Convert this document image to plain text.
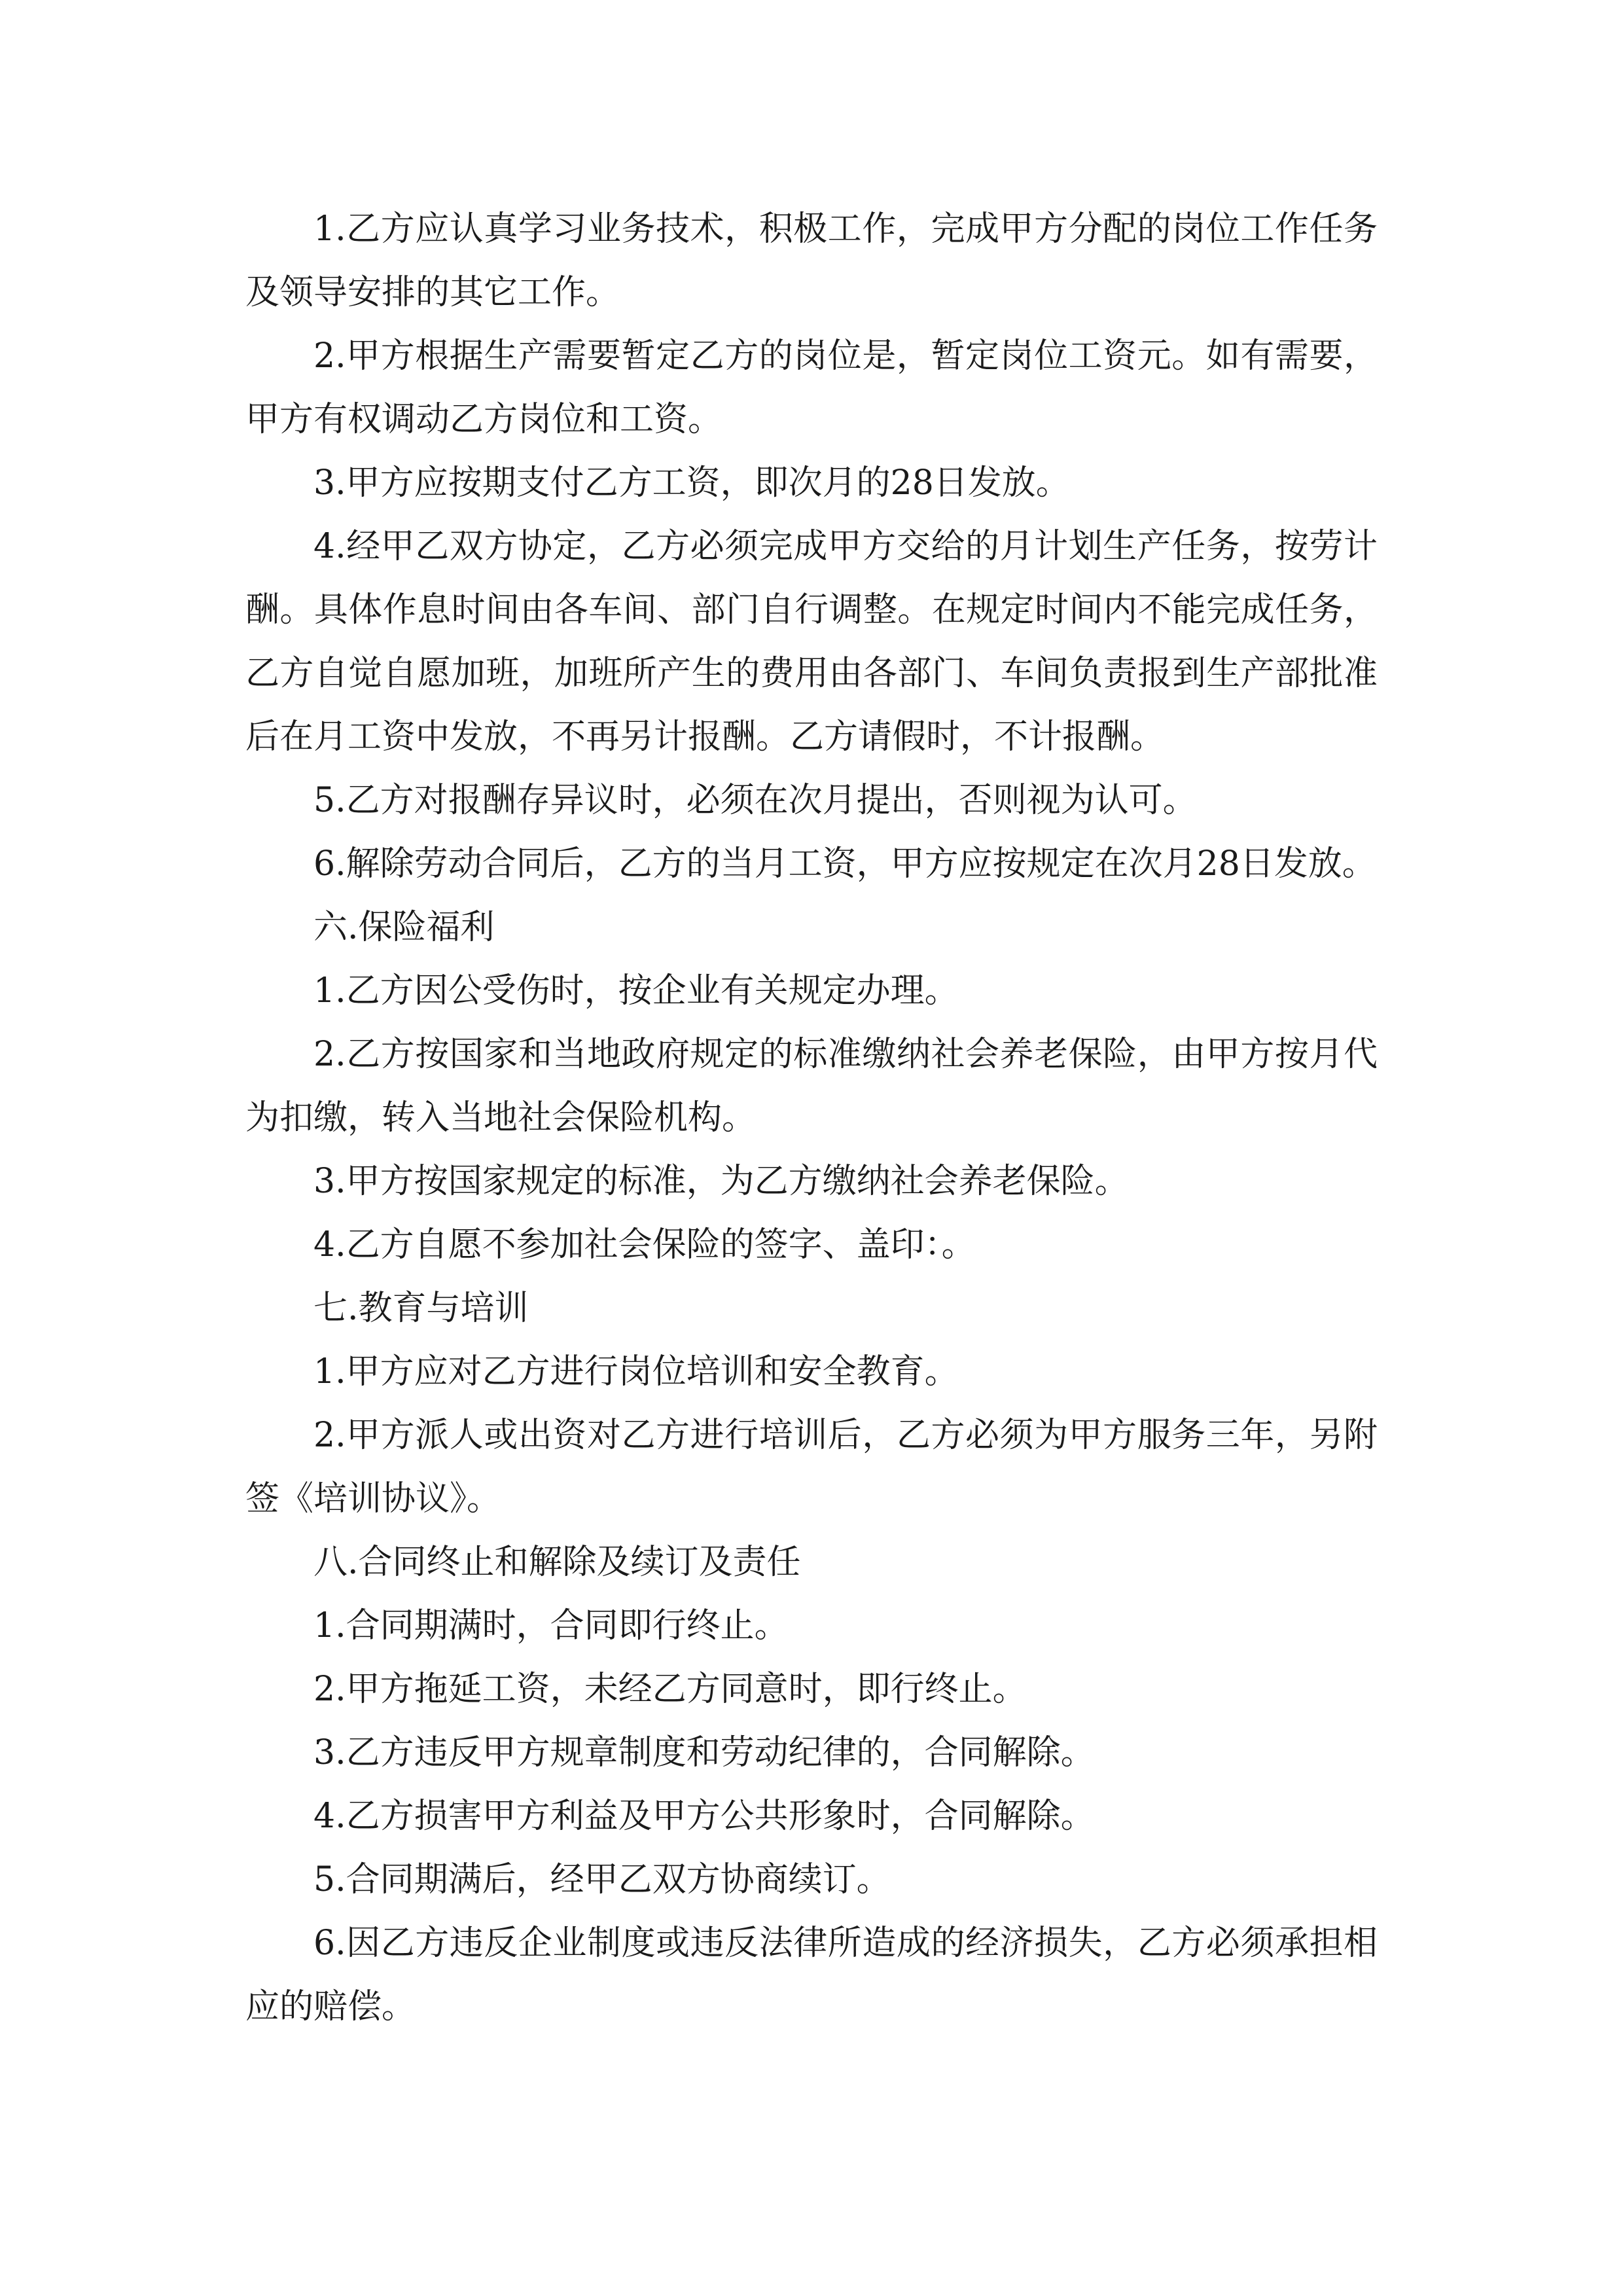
1.乙方应认真学习业务技术，积极工作，完成甲方分配的岗位工作任务及领导安排的其它工作。

2.甲方根据生产需要暂定乙方的岗位是，暂定岗位工资元。如有需要，甲方有权调动乙方岗位和工资。

3.甲方应按期支付乙方工资，即次月的28日发放。

4.经甲乙双方协定，乙方必须完成甲方交给的月计划生产任务，按劳计酬。具体作息时间由各车间、部门自行调整。在规定时间内不能完成任务，乙方自觉自愿加班，加班所产生的费用由各部门、车间负责报到生产部批准后在月工资中发放，不再另计报酬。乙方请假时，不计报酬。

5.乙方对报酬存异议时，必须在次月提出，否则视为认可。

6.解除劳动合同后，乙方的当月工资，甲方应按规定在次月28日发放。

六.保险福利

1.乙方因公受伤时，按企业有关规定办理。

2.乙方按国家和当地政府规定的标准缴纳社会养老保险，由甲方按月代为扣缴，转入当地社会保险机构。

3.甲方按国家规定的标准，为乙方缴纳社会养老保险。

4.乙方自愿不参加社会保险的签字、盖印：。

七.教育与培训

1.甲方应对乙方进行岗位培训和安全教育。

2.甲方派人或出资对乙方进行培训后，乙方必须为甲方服务三年，另附签《培训协议》。

八.合同终止和解除及续订及责任

1.合同期满时，合同即行终止。

2.甲方拖延工资，未经乙方同意时，即行终止。

3.乙方违反甲方规章制度和劳动纪律的，合同解除。

4.乙方损害甲方利益及甲方公共形象时，合同解除。

5.合同期满后，经甲乙双方协商续订。

6.因乙方违反企业制度或违反法律所造成的经济损失，乙方必须承担相应的赔偿。
